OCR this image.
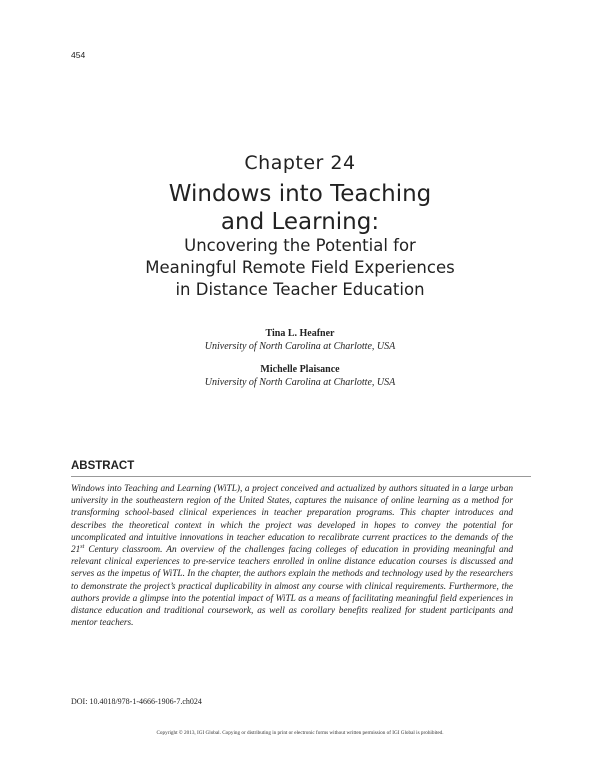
454
Chapter 24
Windows into Teaching
and Learning:
Uncovering the Potential for
Meaningful Remote Field Experiences
in Distance Teacher Education
Tina L. Heafner
University of North Carolina at Charlotte, USA
Michelle Plaisance
University of North Carolina at Charlotte, USA
ABSTRACT

Windows into Teaching and Learning (WiTL), a project conceived and actualized by authors situated in a large urban university in the southeastern region of the United States, captures the nuisance of online learning as a method for transforming school-based clinical experiences in teacher preparation programs. This chapter introduces and describes the theoretical context in which the project was developed in hopes to convey the potential for uncomplicated and intuitive innovations in teacher education to recalibrate current practices to the demands of the 21st Century classroom. An overview of the challenges facing colleges of education in providing meaningful and relevant clinical experiences to pre-service teachers enrolled in online distance education courses is discussed and serves as the impetus of WiTL. In the chapter, the authors explain the methods and technology used by the researchers to demonstrate the project’s practical duplicability in almost any course with clinical requirements. Furthermore, the authors provide a glimpse into the potential impact of WiTL as a means of facilitating meaningful field experiences in distance education and traditional coursework, as well as corollary benefits realized for student participants and mentor teachers.

DOI: 10.4018/978-1-4666-1906-7.ch024
Copyright © 2013, IGI Global. Copying or distributing in print or electronic forms without written permission of IGI Global is prohibited.
